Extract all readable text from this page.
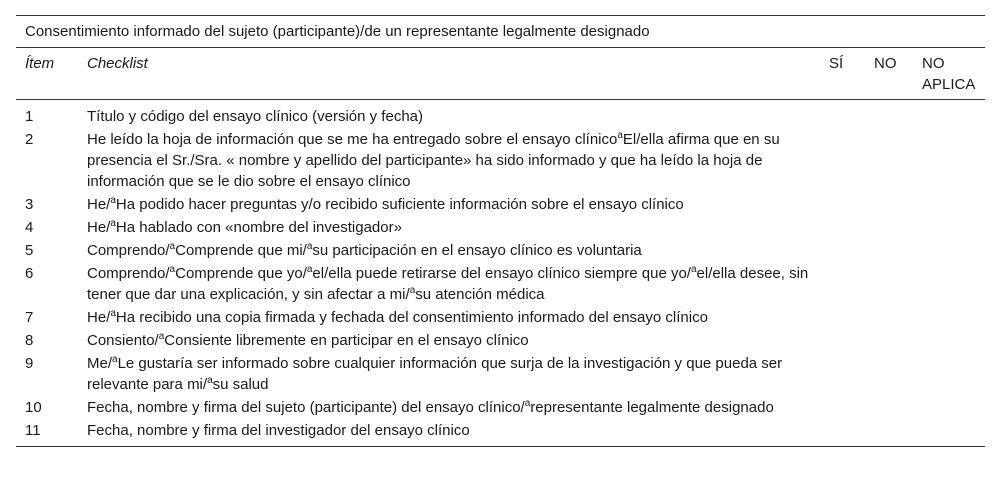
Consentimiento informado del sujeto (participante)/de un representante legalmente designado
Ítem	Checklist	SÍ	NO	NO APLICA
1	Título y código del ensayo clínico (versión y fecha)			
2	He leído la hoja de información que se me ha entregado sobre el ensayo clínico$^a$El/ella afirma que en su presencia el Sr./Sra. « nombre y apellido del participante» ha sido informado y que ha leído la hoja de información que se le dio sobre el ensayo clínico			
3	He/$^a$Ha podido hacer preguntas y/o recibido suficiente información sobre el ensayo clínico			
4	He/$^a$Ha hablado con «nombre del investigador»			
5	Comprendo/$^a$Comprende que mi/$^a$su participación en el ensayo clínico es voluntaria			
6	Comprendo/$^a$Comprende que yo/$^a$el/ella puede retirarse del ensayo clínico siempre que yo/$^a$el/ella desee, sin tener que dar una explicación, y sin afectar a mi/$^a$su atención médica			
7	He/$^a$Ha recibido una copia firmada y fechada del consentimiento informado del ensayo clínico			
8	Consiento/$^a$Consiente libremente en participar en el ensayo clínico			
9	Me/$^a$Le gustaría ser informado sobre cualquier información que surja de la investigación y que pueda ser relevante para mi/$^a$su salud			
10	Fecha, nombre y firma del sujeto (participante) del ensayo clínico/$^a$representante legalmente designado			
11	Fecha, nombre y firma del investigador del ensayo clínico			
